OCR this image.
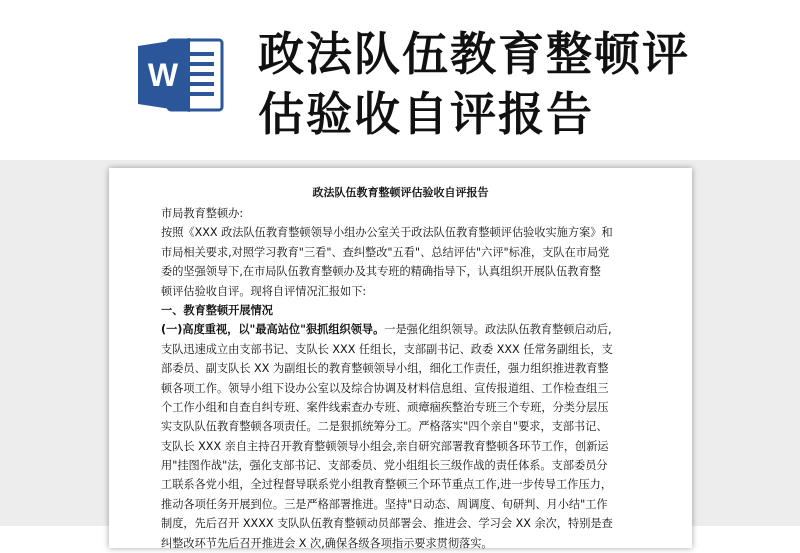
W 政法队伍教育整顿评
估验收自评报告
政法队伍教育整顿评估验收自评报告
市局教育整顿办:
按照《XXX 政法队伍教育整顿领导小组办公室关于政法队伍教育整顿评估验收实施方案》和
市局相关要求,对照学习教育"三看"、查纠整改"五看"、总结评估"六评"标准，支队在市局党
委的坚强领导下,在市局队伍教育整顿办及其专班的精确指导下，认真组织开展队伍教育整
顿评估验收自评。现将自评情况汇报如下:
一、教育整顿开展情况
(一)高度重视，以"最高站位"狠抓组织领导。一是强化组织领导。政法队伍教育整顿启动后,
支队迅速成立由支部书记、支队长 XXX 任组长，支部副书记、政委 XXX 任常务副组长，支
部委员、副支队长 XX 为副组长的教育整顿领导小组，细化工作责任，强力组织推进教育整
顿各项工作。领导小组下设办公室以及综合协调及材料信息组、宣传报道组、工作检查组三
个工作小组和自查自纠专班、案件线索查办专班、顽瘴痼疾整治专班三个专班，分类分层压
实支队队伍教育整顿各项责任。二是狠抓统筹分工。严格落实"四个亲自"要求，支部书记、
支队长 XXX 亲自主持召开教育整顿领导小组会,亲自研究部署教育整顿各环节工作，创新运
用"挂图作战"法，强化支部书记、支部委员、党小组组长三级作战的责任体系。支部委员分
工联系各党小组，全过程督导联系党小组教育整顿三个环节重点工作,进一步传导工作压力，
推动各项任务开展到位。三是严格部署推进。坚持"日动态、周调度、旬研判、月小结"工作
制度，先后召开 XXXX 支队队伍教育整顿动员部署会、推进会、学习会 XX 余次，特别是查
纠整改环节先后召开推进会 X 次,确保各级各项指示要求贯彻落实。
